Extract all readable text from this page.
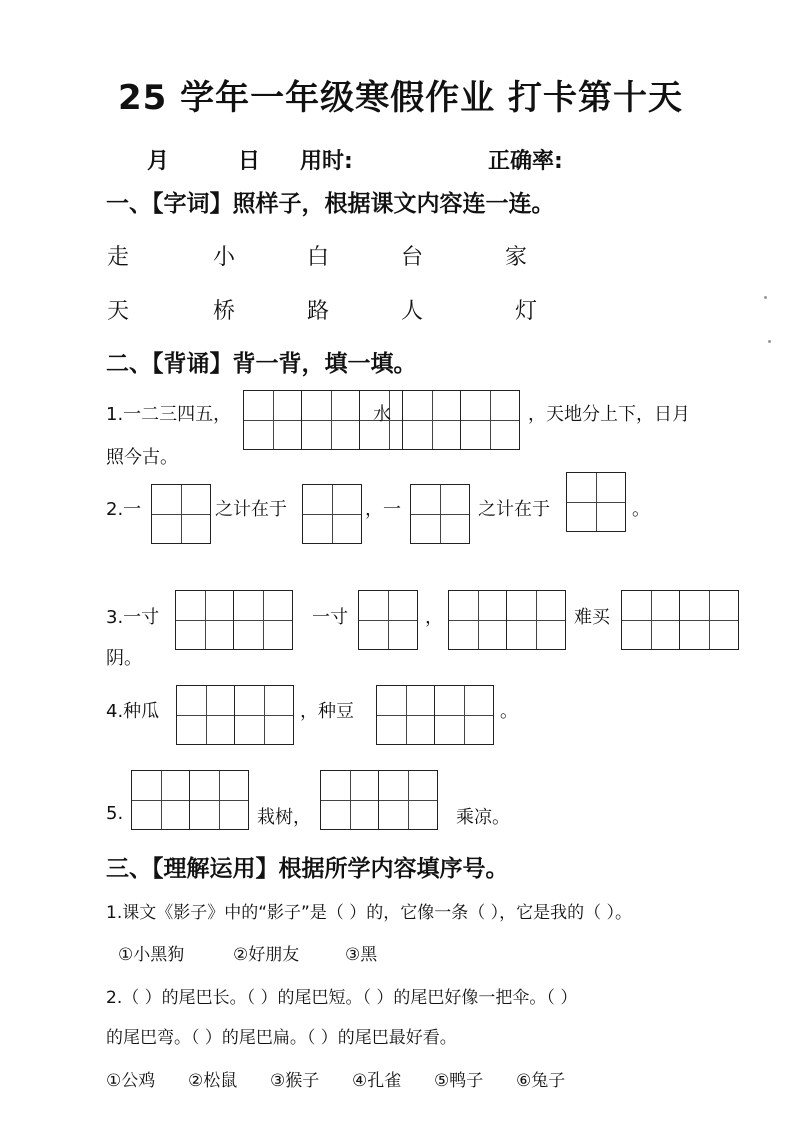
25 学年一年级寒假作业 打卡第十天
月	日 用时:	正确率:
一、【字词】照样子，根据课文内容连一连。
走	小	白	台	家
天	桥	路	人	灯
二、【背诵】背一背，填一填。
1.一二三四五，	水	，天地分上下，日月
照今古。
2.一	之计在于	，一	之计在于	。
3.一寸	一寸	，	难买
阴。
4.种瓜	，种豆	。
5.	栽树，	乘凉。
三、【理解运用】根据所学内容填序号。
1.课文《影子》中的“影子”是（ ）的，它像一条（ ），它是我的（ ）。
①小黑狗	②好朋友	③黑
2.（ ）的尾巴长。（ ）的尾巴短。（ ）的尾巴好像一把伞。（ ）
的尾巴弯。（ ）的尾巴扁。（ ）的尾巴最好看。
①公鸡 ②松鼠 ③猴子 ④孔雀 ⑤鸭子 ⑥兔子
